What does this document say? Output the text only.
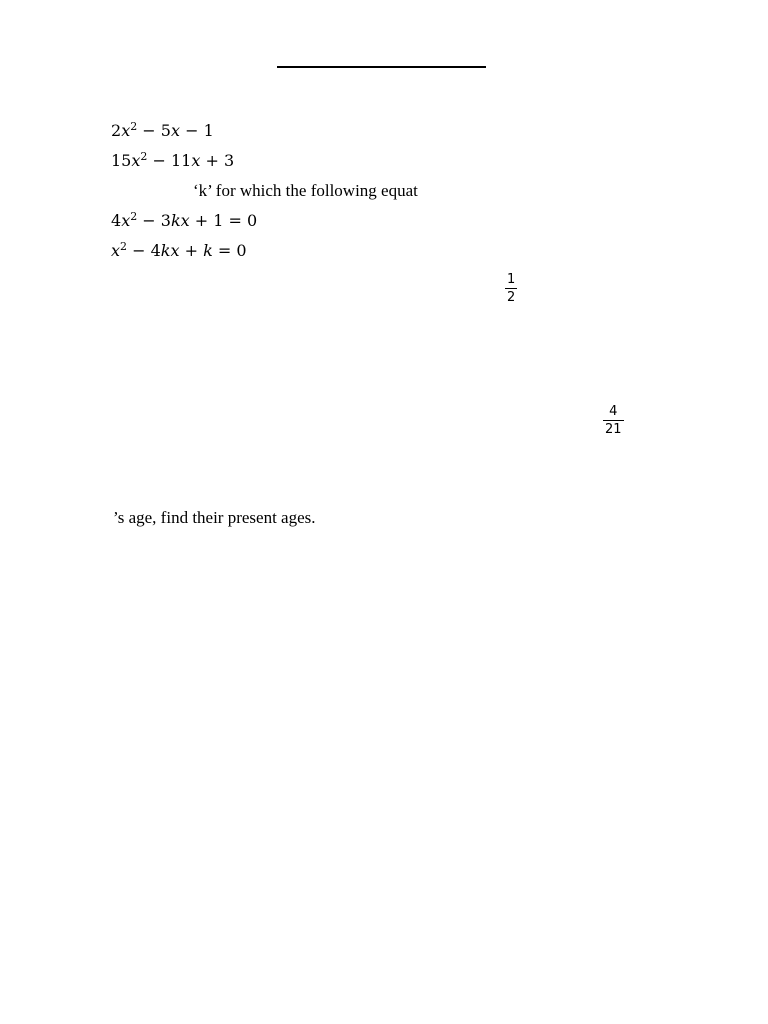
$2x^2 - 5x - 1$
$15x^2 - 11x + 3$
‘k’ for which the following equat
$4x^2 - 3kx + 1 = 0$
$x^2 - 4kx + k = 0$
$\frac{1}{2}$
$\frac{4}{21}$
’s age, find their present ages.
